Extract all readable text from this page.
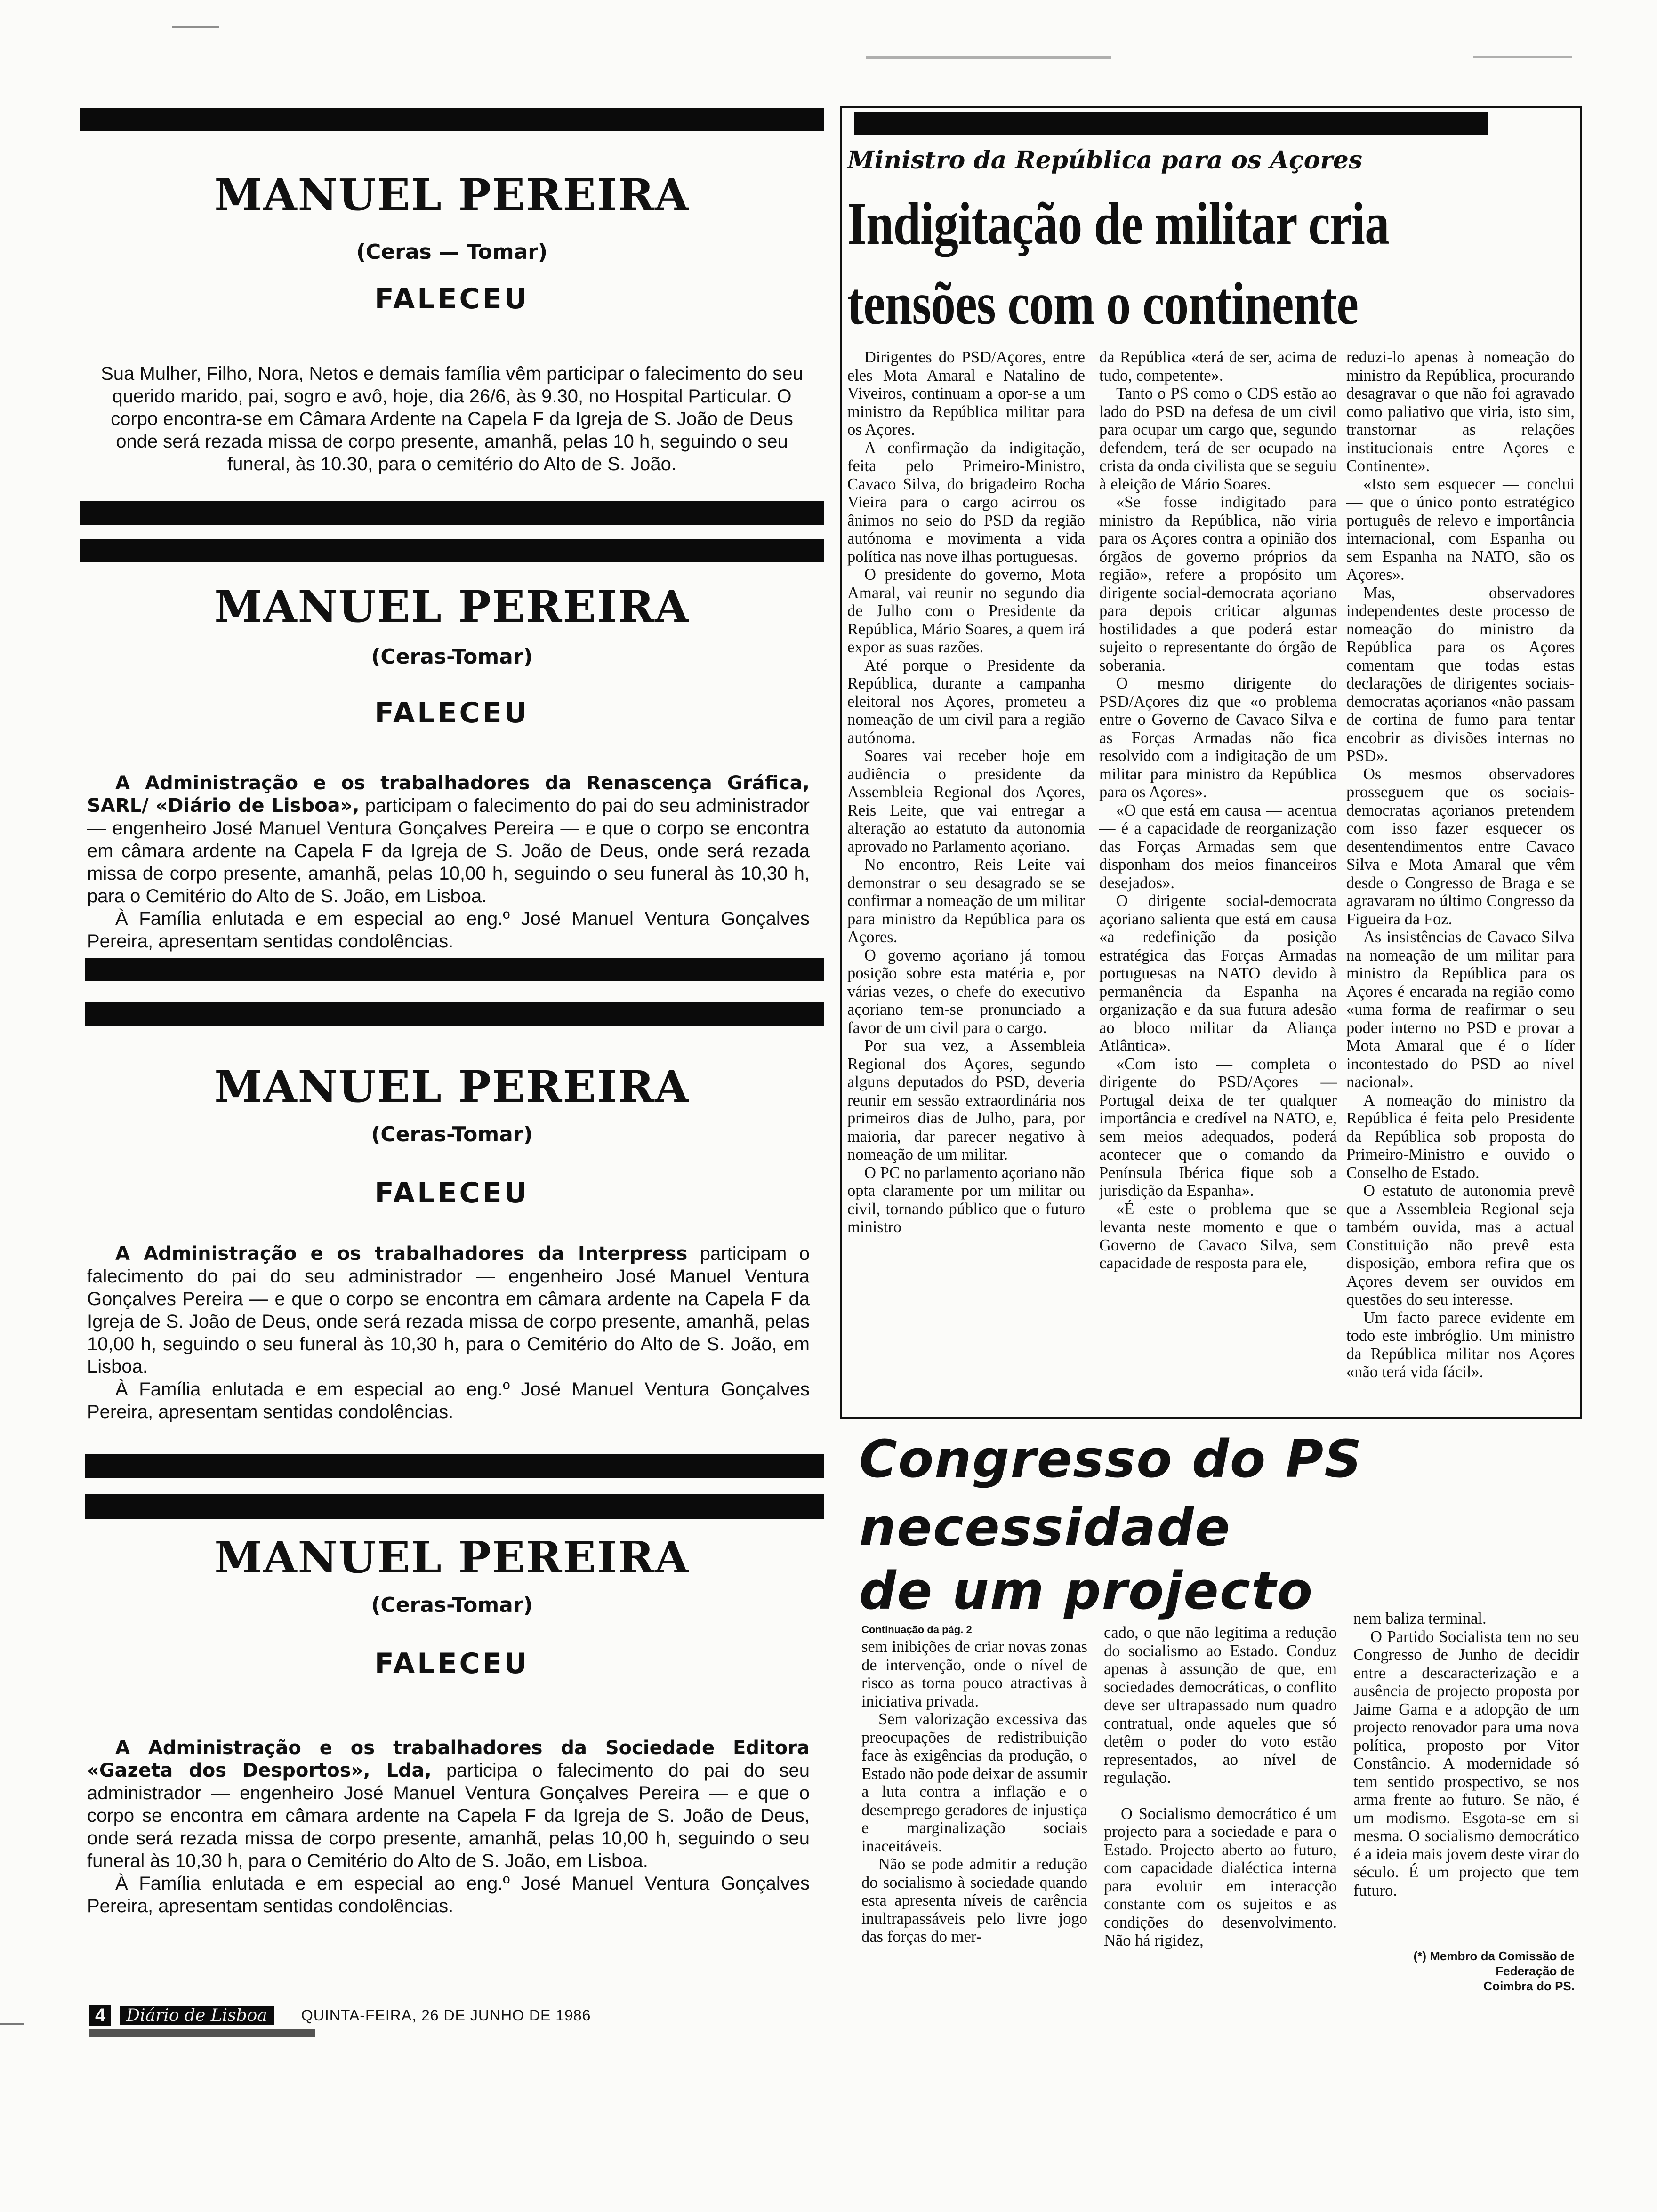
MANUEL PEREIRA
(Ceras — Tomar)
FALECEU
Sua Mulher, Filho, Nora, Netos e demais família vêm participar o falecimento do seu querido marido, pai, sogro e avô, hoje, dia 26/6, às 9.30, no Hospital Particular. O corpo encontra-se em Câmara Ardente na Capela F da Igreja de S. João de Deus onde será rezada missa de corpo presente, amanhã, pelas 10 h, seguindo o seu funeral, às 10.30, para o cemitério do Alto de S. João.
MANUEL PEREIRA
(Ceras-Tomar)
FALECEU

A Administração e os trabalhadores da Renascença Gráfica, SARL/ «Diário de Lisboa», participam o falecimento do pai do seu administrador — engenheiro José Manuel Ventura Gonçalves Pereira — e que o corpo se encontra em câmara ardente na Capela F da Igreja de S. João de Deus, onde será rezada missa de corpo presente, amanhã, pelas 10,00 h, seguindo o seu funeral às 10,30 h, para o Cemitério do Alto de S. João, em Lisboa.

À Família enlutada e em especial ao eng.º José Manuel Ventura Gonçalves Pereira, apresentam sentidas condolências.

MANUEL PEREIRA
(Ceras-Tomar)
FALECEU

A Administração e os trabalhadores da Interpress participam o falecimento do pai do seu administrador — engenheiro José Manuel Ventura Gonçalves Pereira — e que o corpo se encontra em câmara ardente na Capela F da Igreja de S. João de Deus, onde será rezada missa de corpo presente, amanhã, pelas 10,00 h, seguindo o seu funeral às 10,30 h, para o Cemitério do Alto de S. João, em Lisboa.

À Família enlutada e em especial ao eng.º José Manuel Ventura Gonçalves Pereira, apresentam sentidas condolências.

MANUEL PEREIRA
(Ceras-Tomar)
FALECEU

A Administração e os trabalhadores da Sociedade Editora «Gazeta dos Desportos», Lda, participa o falecimento do pai do seu administrador — engenheiro José Manuel Ventura Gonçalves Pereira — e que o corpo se encontra em câmara ardente na Capela F da Igreja de S. João de Deus, onde será rezada missa de corpo presente, amanhã, pelas 10,00 h, seguindo o seu funeral às 10,30 h, para o Cemitério do Alto de S. João, em Lisboa.

À Família enlutada e em especial ao eng.º José Manuel Ventura Gonçalves Pereira, apresentam sentidas condolências.

Ministro da República para os Açores
Indigitação de militar cria
tensões com o continente

Dirigentes do PSD/Açores, entre eles Mota Amaral e Natalino de Viveiros, continuam a opor-se a um ministro da República militar para os Açores.

A confirmação da indigitação, feita pelo Primeiro-Ministro, Cavaco Silva, do brigadeiro Rocha Vieira para o cargo acirrou os ânimos no seio do PSD da região autónoma e movimenta a vida política nas nove ilhas portuguesas.

O presidente do governo, Mota Amaral, vai reunir no segundo dia de Julho com o Presidente da República, Mário Soares, a quem irá expor as suas razões.

Até porque o Presidente da República, durante a campanha eleitoral nos Açores, prometeu a nomeação de um civil para a região autónoma.

Soares vai receber hoje em audiência o presidente da Assembleia Regional dos Açores, Reis Leite, que vai entregar a alteração ao estatuto da autonomia aprovado no Parlamento açoriano.

No encontro, Reis Leite vai demonstrar o seu desagrado se se confirmar a nomeação de um militar para ministro da República para os Açores.

O governo açoriano já tomou posição sobre esta matéria e, por várias vezes, o chefe do executivo açoriano tem-se pronunciado a favor de um civil para o cargo.

Por sua vez, a Assembleia Regional dos Açores, segundo alguns deputados do PSD, deveria reunir em sessão extraordinária nos primeiros dias de Julho, para, por maioria, dar parecer negativo à nomeação de um militar.

O PC no parlamento açoriano não opta claramente por um militar ou civil, tornando público que o futuro ministro

da República «terá de ser, acima de tudo, competente».

Tanto o PS como o CDS estão ao lado do PSD na defesa de um civil para ocupar um cargo que, segundo defendem, terá de ser ocupado na crista da onda civilista que se seguiu à eleição de Mário Soares.

«Se fosse indigitado para ministro da República, não viria para os Açores contra a opinião dos órgãos de governo próprios da região», refere a propósito um dirigente social-democrata açoriano para depois criticar algumas hostilidades a que poderá estar sujeito o representante do órgão de soberania.

O mesmo dirigente do PSD/Açores diz que «o problema entre o Governo de Cavaco Silva e as Forças Armadas não fica resolvido com a indigitação de um militar para ministro da República para os Açores».

«O que está em causa — acentua — é a capacidade de reorganização das Forças Armadas sem que disponham dos meios financeiros desejados».

O dirigente social-democrata açoriano salienta que está em causa «a redefinição da posição estratégica das Forças Armadas portuguesas na NATO devido à permanência da Espanha na organização e da sua futura adesão ao bloco militar da Aliança Atlântica».

«Com isto — completa o dirigente do PSD/Açores — Portugal deixa de ter qualquer importância e credível na NATO, e, sem meios adequados, poderá acontecer que o comando da Península Ibérica fique sob a jurisdição da Espanha».

«É este o problema que se levanta neste momento e que o Governo de Cavaco Silva, sem capacidade de resposta para ele,

reduzi-lo apenas à nomeação do ministro da República, procurando desagravar o que não foi agravado como paliativo que viria, isto sim, transtornar as relações institucionais entre Açores e Continente».

«Isto sem esquecer — conclui — que o único ponto estratégico português de relevo e importância internacional, com Espanha ou sem Espanha na NATO, são os Açores».

Mas, observadores independentes deste processo de nomeação do ministro da República para os Açores comentam que todas estas declarações de dirigentes sociais-democratas açorianos «não passam de cortina de fumo para tentar encobrir as divisões internas no PSD».

Os mesmos observadores prosseguem que os sociais-democratas açorianos pretendem com isso fazer esquecer os desentendimentos entre Cavaco Silva e Mota Amaral que vêm desde o Congresso de Braga e se agravaram no último Congresso da Figueira da Foz.

As insistências de Cavaco Silva na nomeação de um militar para ministro da República para os Açores é encarada na região como «uma forma de reafirmar o seu poder interno no PSD e provar a Mota Amaral que é o líder incontestado do PSD ao nível nacional».

A nomeação do ministro da República é feita pelo Presidente da República sob proposta do Primeiro-Ministro e ouvido o Conselho de Estado.

O estatuto de autonomia prevê que a Assembleia Regional seja também ouvida, mas a actual Constituição não prevê esta disposição, embora refira que os Açores devem ser ouvidos em questões do seu interesse.

Um facto parece evidente em todo este imbróglio. Um ministro da República militar nos Açores «não terá vida fácil».

Congresso do PS
necessidade
de um projecto
Continuação da pág. 2

sem inibições de criar novas zonas de intervenção, onde o nível de risco as torna pouco atractivas à iniciativa privada.

Sem valorização excessiva das preocupações de redistribuição face às exigências da produção, o Estado não pode deixar de assumir a luta contra a inflação e o desemprego geradores de injustiça e marginalização sociais inaceitáveis.

Não se pode admitir a redução do socialismo à sociedade quando esta apresenta níveis de carência inultrapassáveis pelo livre jogo das forças do mer-

cado, o que não legitima a redução do socialismo ao Estado. Conduz apenas à assunção de que, em sociedades democráticas, o conflito deve ser ultrapassado num quadro contratual, onde aqueles que só detêm o poder do voto estão representados, ao nível de regulação.

O Socialismo democrático é um projecto para a sociedade e para o Estado. Projecto aberto ao futuro, com capacidade dialéctica interna para evoluir em interacção constante com os sujeitos e as condições do desenvolvimento. Não há rigidez,

nem baliza terminal.

O Partido Socialista tem no seu Congresso de Junho de decidir entre a descaracterização e a ausência de projecto proposta por Jaime Gama e a adopção de um projecto renovador para uma nova política, proposto por Vitor Constâncio. A modernidade só tem sentido prospectivo, se nos arma frente ao futuro. Se não, é um modismo. Esgota-se em si mesma. O socialismo democrático é a ideia mais jovem deste virar do século. É um projecto que tem futuro.

(*) Membro da Comissão de Federação de
Coimbra do PS.
4	Diário de Lisboa	QUINTA-FEIRA, 26 DE JUNHO DE 1986
